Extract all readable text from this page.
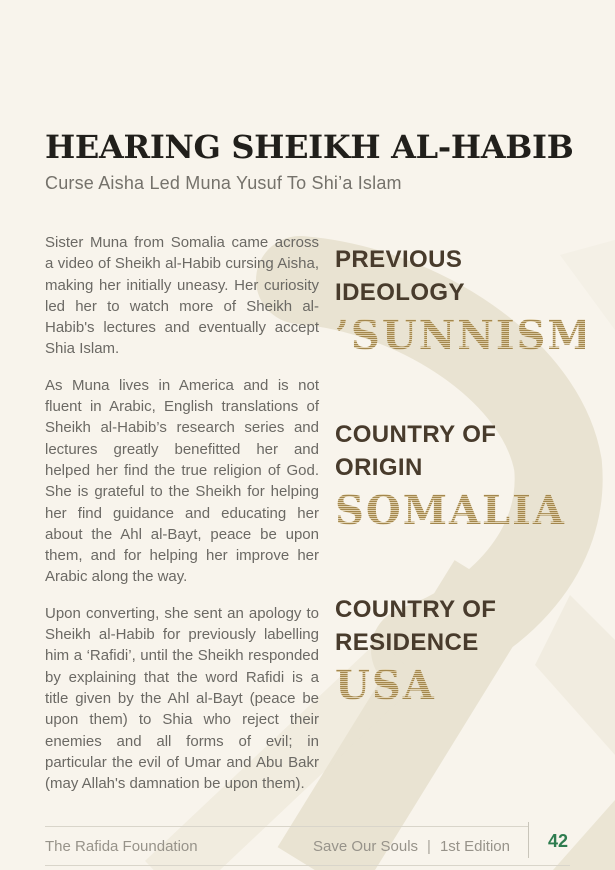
HEARING SHEIKH AL-HABIB
Curse Aisha Led Muna Yusuf To Shi’a Islam

Sister Muna from Somalia came across a video of Sheikh al-Habib cursing Aisha, making her initially uneasy. Her curiosity led her to watch more of Sheikh al-Habib's lectures and eventually accept Shia Islam.

As Muna lives in America and is not fluent in Arabic, English translations of Sheikh al-Habib’s research series and lectures greatly benefitted her and helped her find the true religion of God. She is grateful to the Sheikh for helping her find guidance and educating her about the Ahl al-Bayt, peace be upon them, and for helping her improve her Arabic along the way.

Upon converting, she sent an apology to Sheikh al-Habib for previously labelling him a ‘Rafidi’, until the Sheikh responded by explaining that the word Rafidi is a title given by the Ahl al-Bayt (peace be upon them) to Shia who reject their enemies and all forms of evil; in particular the evil of Umar and Abu Bakr (may Allah's damnation be upon them).

PREVIOUS
IDEOLOGY
’SUNNISM’
COUNTRY OF
ORIGIN
SOMALIA
COUNTRY OF
RESIDENCE
USA
The Rafida Foundation	Save Our Souls | 1st Edition	42
